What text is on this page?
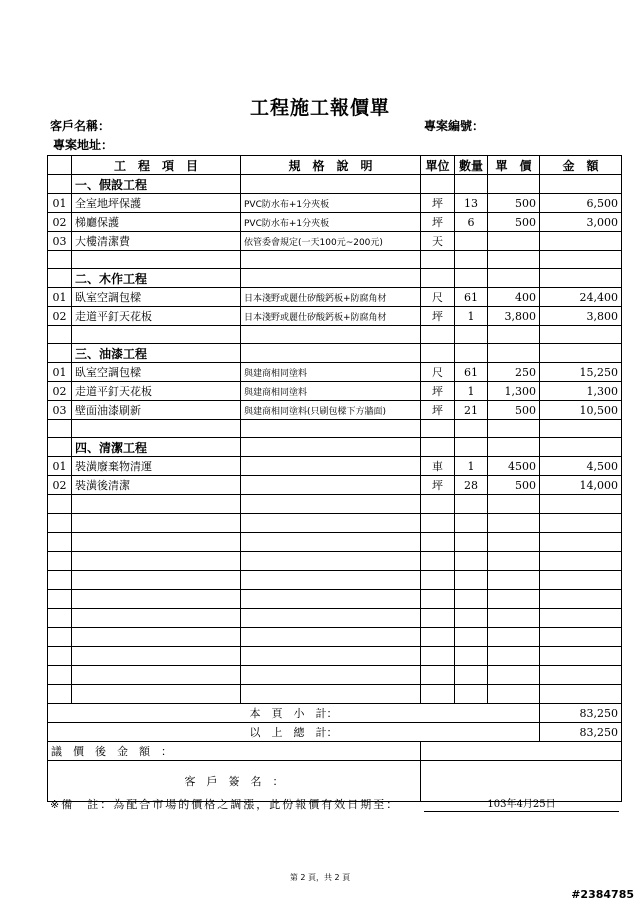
工程施工報價單
客戶名稱：	專案編號：
專案地址：
	工　程　項　目	規　格　說　明	單位	數量	單　價	金　額
	一、假設工程					
01	全室地坪保護	PVC防水布+1分夾板	坪	13	500	6,500
02	梯廳保護	PVC防水布+1分夾板	坪	6	500	3,000
03	大樓清潔費	依管委會規定(一天100元~200元)	天			

	二、木作工程					
01	臥室空調包樑	日本淺野或麗仕矽酸鈣板+防腐角材	尺	61	400	24,400
02	走道平釘天花板	日本淺野或麗仕矽酸鈣板+防腐角材	坪	1	3,800	3,800

	三、油漆工程					
01	臥室空調包樑	與建商相同塗料	尺	61	250	15,250
02	走道平釘天花板	與建商相同塗料	坪	1	1,300	1,300
03	壁面油漆刷新	與建商相同塗料(只刷包樑下方牆面)	坪	21	500	10,500

	四、清潔工程					
01	裝潢廢棄物清運		車	1	4500	4,500
02	裝潢後清潔		坪	28	500	14,000

本　頁　小　計：						83,250
以　上　總　計：						83,250
議　價　後　金　額　：						
客　戶　簽　名　：						
※備　註：為配合市場的價格之調漲，此份報價有效日期至：	103年4月25日
第 2 頁，共 2 頁
#2384785
